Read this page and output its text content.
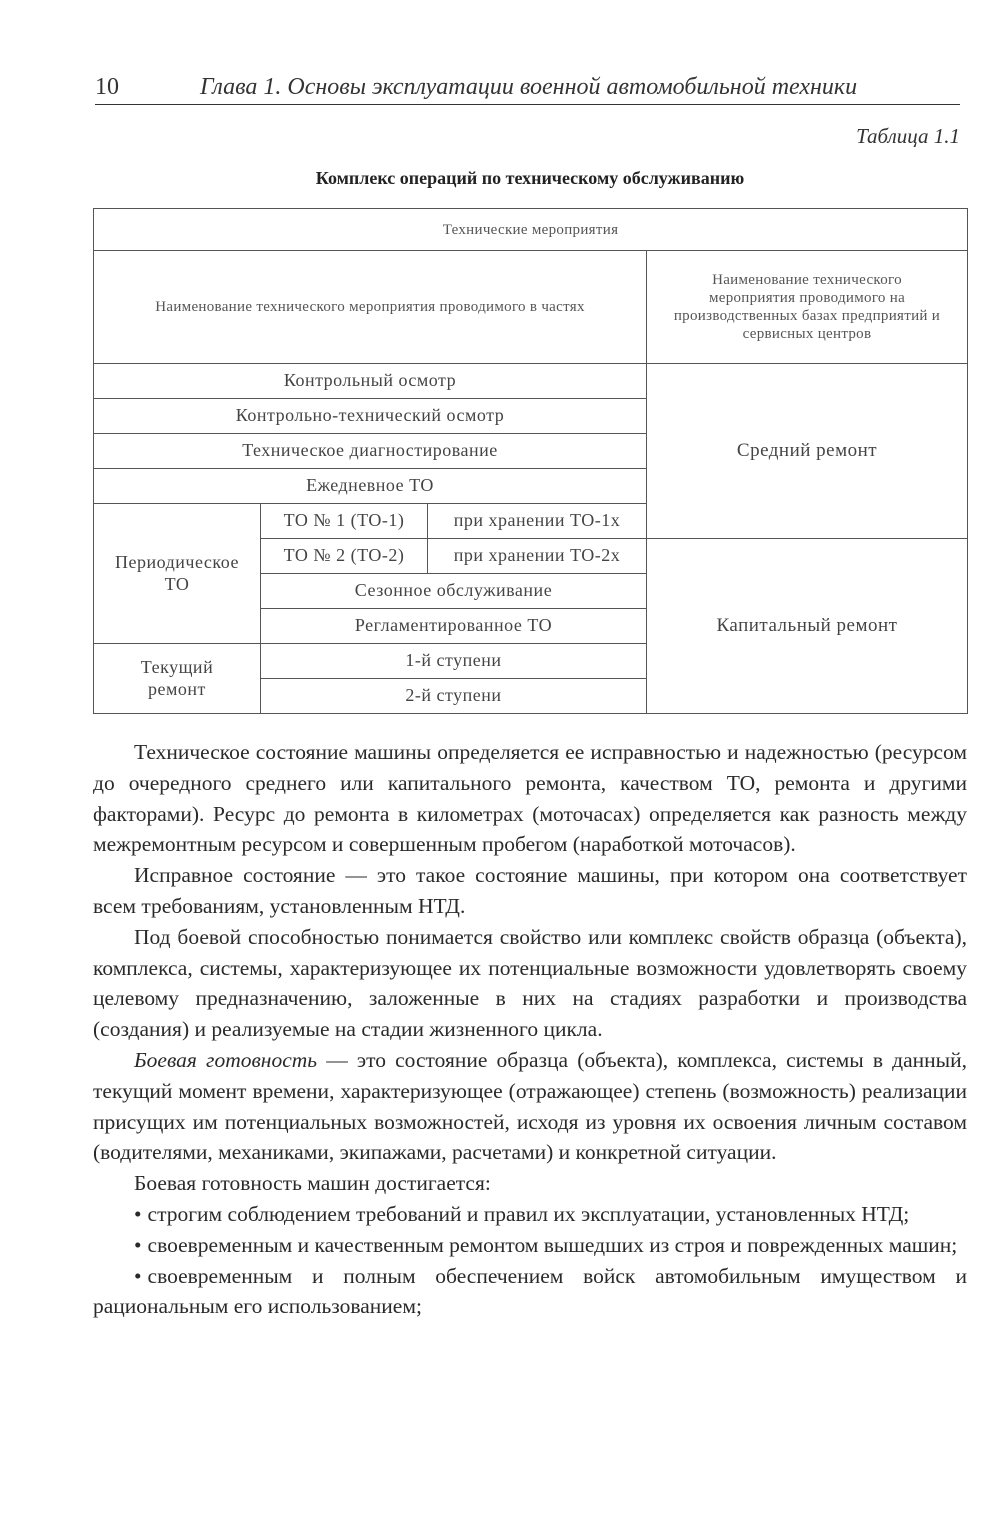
10	Глава 1. Основы эксплуатации военной автомобильной техники
Таблица 1.1
Комплекс операций по техническому обслуживанию
Технические мероприятия			
Наименование технического мероприятия проводимого в частях			Наименование технического мероприятия проводимого на производственных базах предприятий и сервисных центров
Контрольный осмотр			Средний ремонт
Контрольно-технический осмотр			
Техническое диагностирование			
Ежедневное ТО			
Периодическое ТО	ТО № 1 (ТО-1)	при хранении ТО-1х	
	ТО № 2 (ТО-2)	при хранении ТО-2х	Капитальный ремонт
	Сезонное обслуживание		
	Регламентированное ТО		
Текущий ремонт	1-й ступени		
	2-й ступени		

Техническое состояние машины определяется ее исправностью и надежностью (ресурсом до очередного среднего или капитального ремонта, качеством ТО, ремонта и другими факторами). Ресурс до ремонта в километрах (моточасах) определяется как разность между межремонтным ресурсом и совершенным пробегом (наработкой моточасов).

Исправное состояние — это такое состояние машины, при котором она соответствует всем требованиям, установленным НТД.

Под боевой способностью понимается свойство или комплекс свойств образца (объекта), комплекса, системы, характеризующее их потенциальные возможности удовлетворять своему целевому предназначению, заложенные в них на стадиях разработки и производства (создания) и реализуемые на стадии жизненного цикла.

Боевая готовность — это состояние образца (объекта), комплекса, системы в данный, текущий момент времени, характеризующее (отражающее) степень (возможность) реализации присущих им потенциальных возможностей, исходя из уровня их освоения личным составом (водителями, механиками, экипажами, расчетами) и конкретной ситуации.

Боевая готовность машин достигается:

• строгим соблюдением требований и правил их эксплуатации, установленных НТД;

• своевременным и качественным ремонтом вышедших из строя и поврежденных машин;

• своевременным и полным обеспечением войск автомобильным имуществом и рациональным его использованием;
